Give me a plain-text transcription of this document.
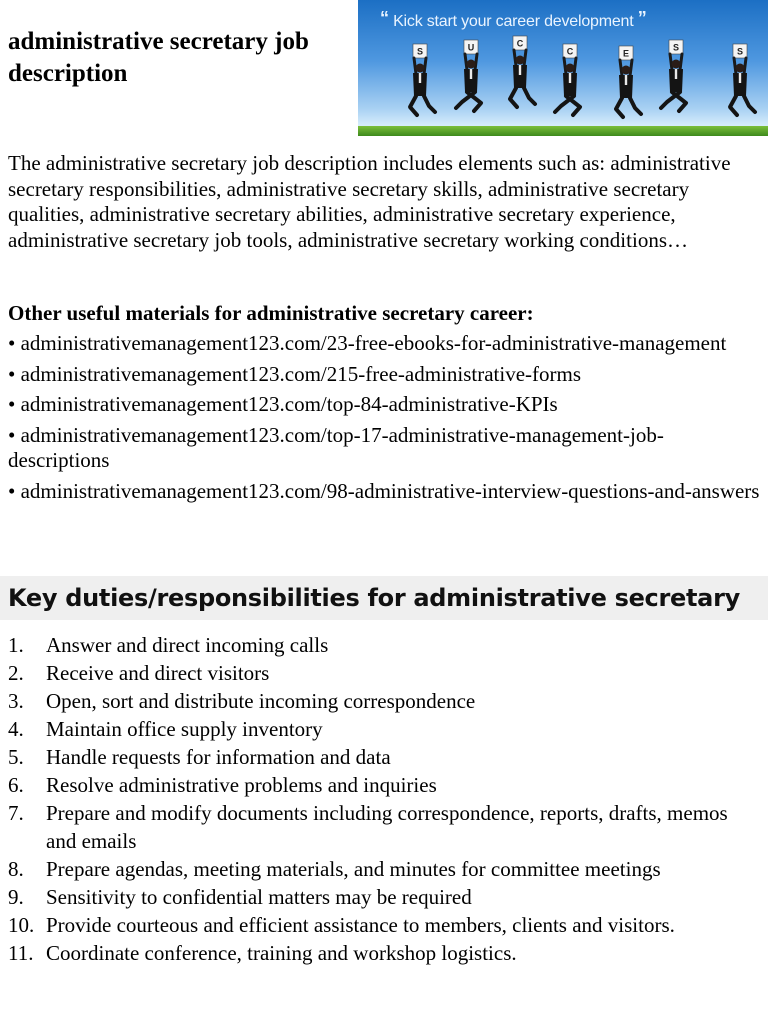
administrative secretary job description
“ Kick start your career development ”
S	U	C
C	E
S	S
The administrative secretary job description includes elements such as: administrative secretary responsibilities, administrative secretary skills, administrative secretary qualities, administrative secretary abilities, administrative secretary experience, administrative secretary job tools, administrative secretary working conditions…
Other useful materials for administrative secretary career:
• administrativemanagement123.com/23-free-ebooks-for-administrative-management
• administrativemanagement123.com/215-free-administrative-forms
• administrativemanagement123.com/top-84-administrative-KPIs
• administrativemanagement123.com/top-17-administrative-management-job-descriptions
• administrativemanagement123.com/98-administrative-interview-questions-and-answers
Key duties/responsibilities for administrative secretary
1. Answer and direct incoming calls
2. Receive and direct visitors
3. Open, sort and distribute incoming correspondence
4. Maintain office supply inventory
5. Handle requests for information and data
6. Resolve administrative problems and inquiries
7. Prepare and modify documents including correspondence, reports, drafts, memos and emails
8. Prepare agendas, meeting materials, and minutes for committee meetings
9. Sensitivity to confidential matters may be required
10. Provide courteous and efficient assistance to members, clients and visitors.
11. Coordinate conference, training and workshop logistics.
